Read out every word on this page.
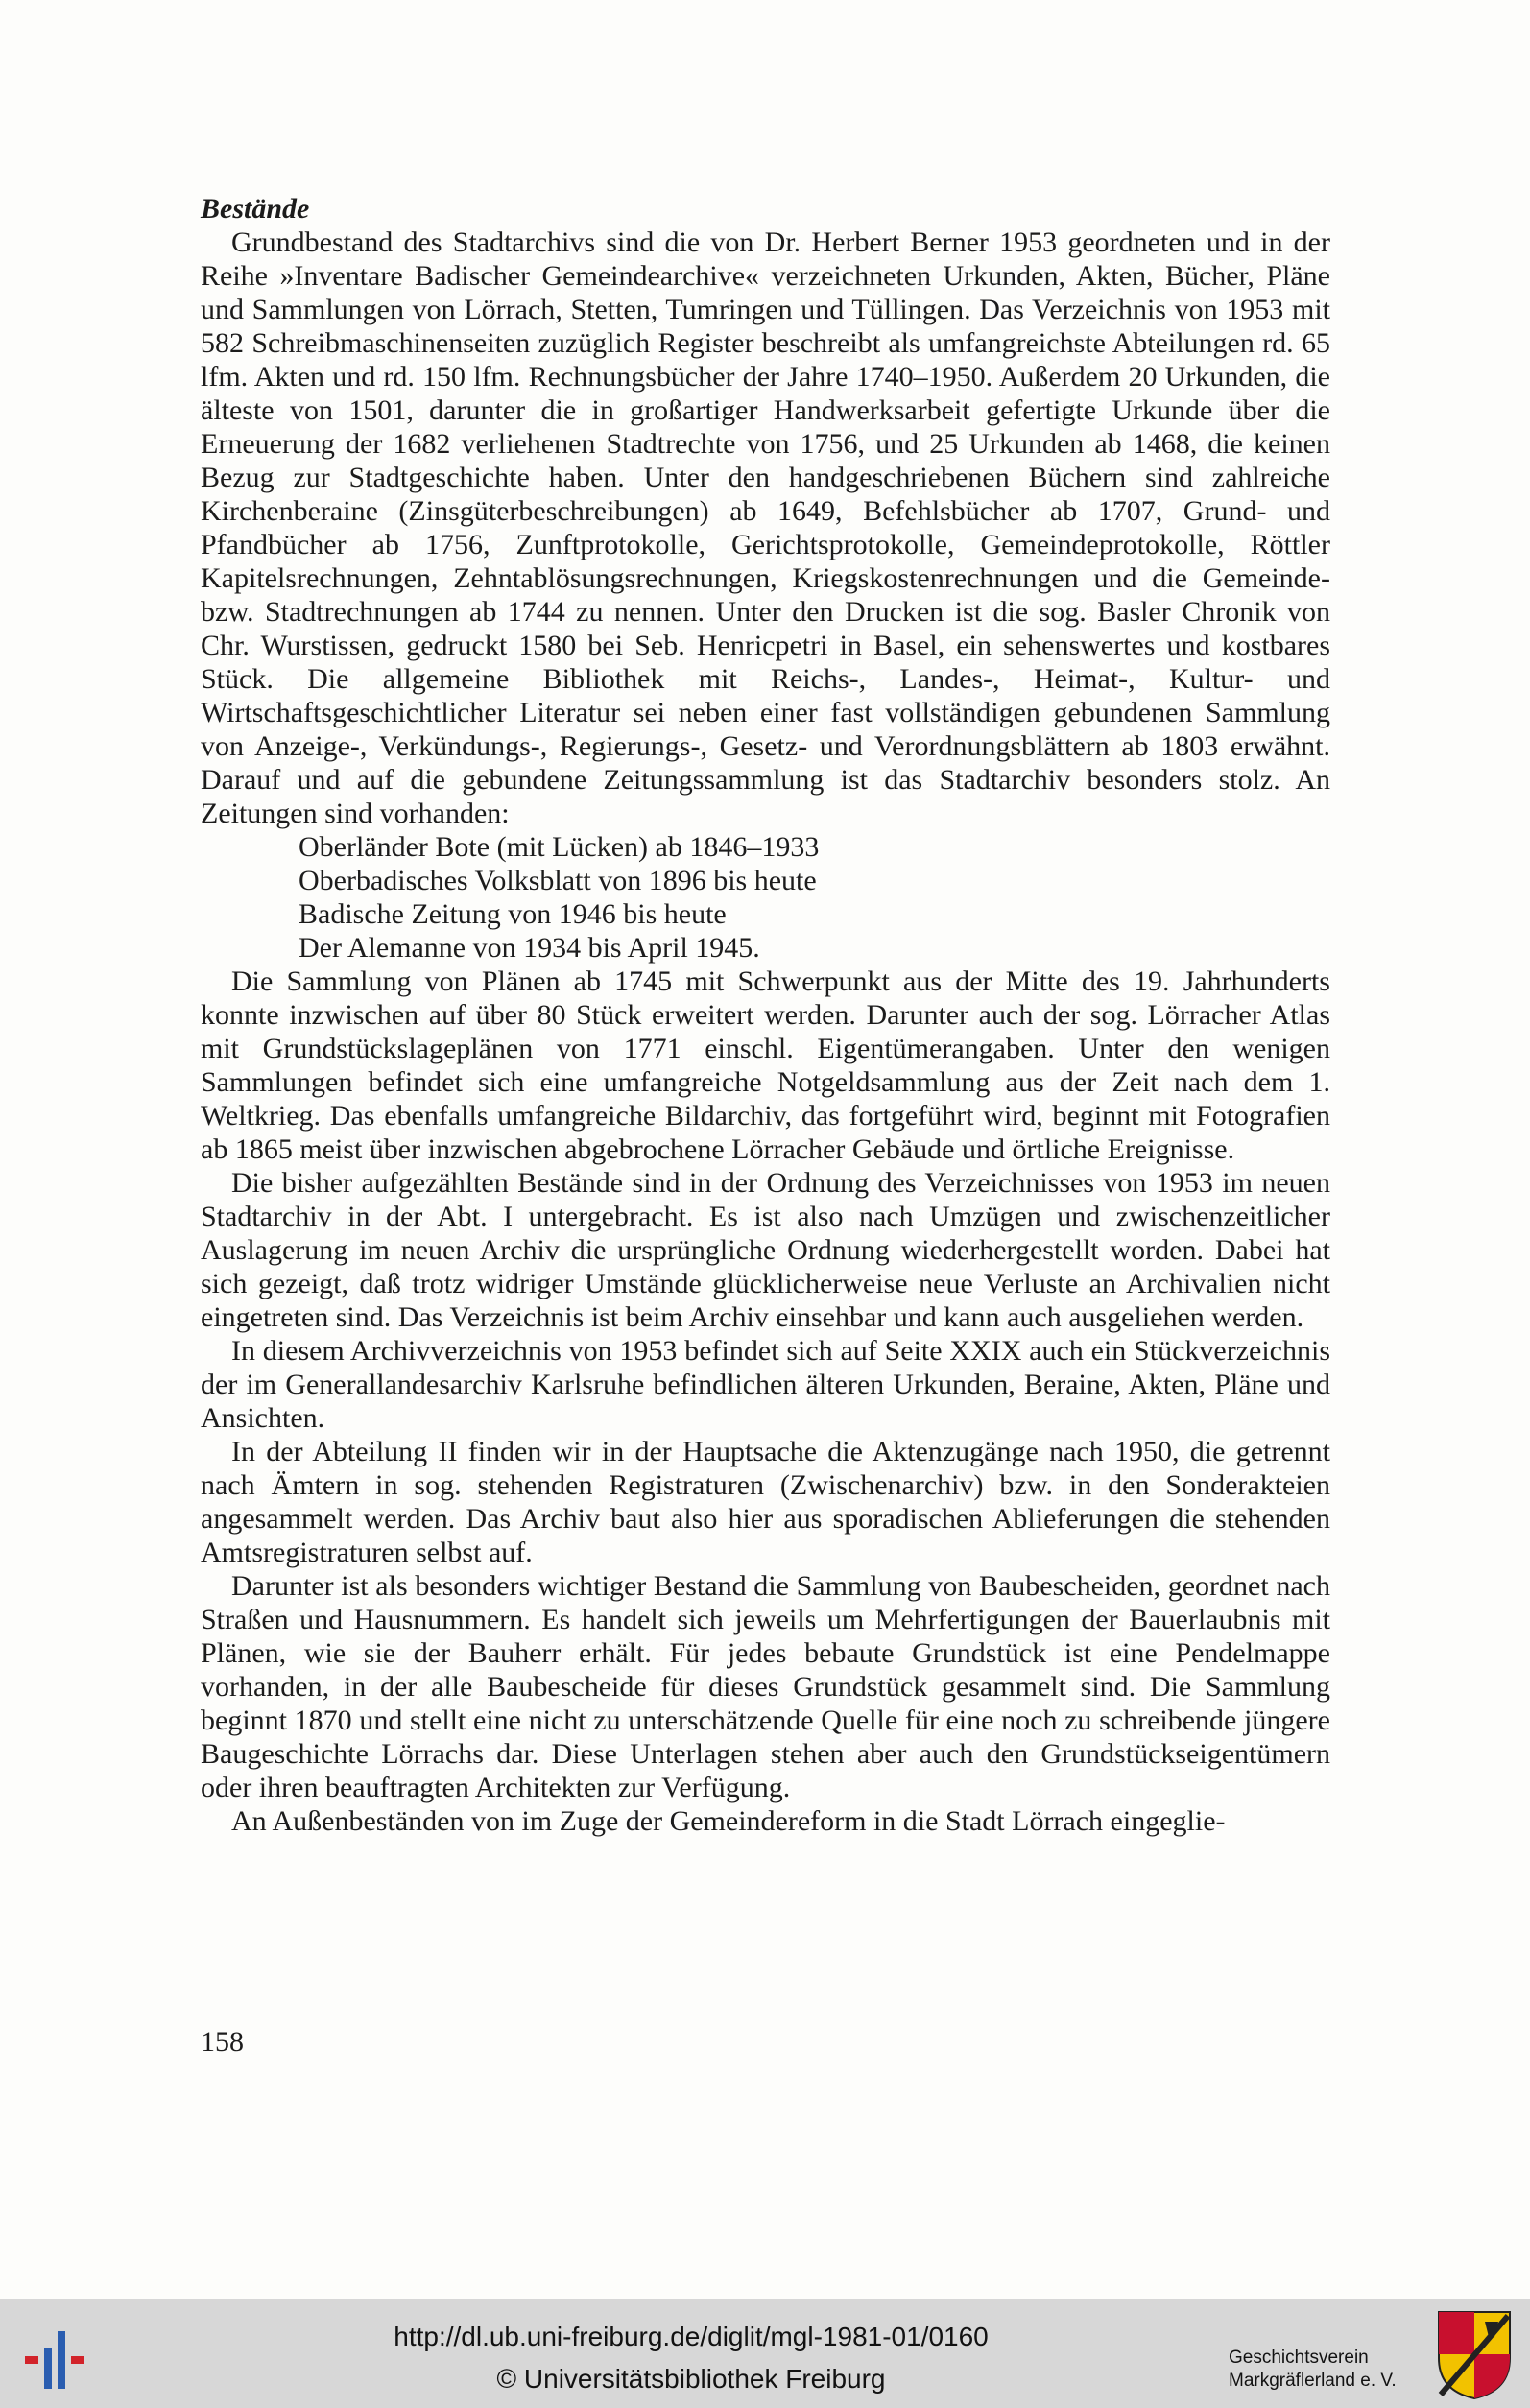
Bestände

Grundbestand des Stadtarchivs sind die von Dr. Herbert Berner 1953 geordneten und in der Reihe »Inventare Badischer Gemeindearchive« verzeichneten Urkunden, Akten, Bücher, Pläne und Sammlungen von Lörrach, Stetten, Tumringen und Tüllingen. Das Verzeichnis von 1953 mit 582 Schreibmaschinenseiten zuzüglich Register beschreibt als umfangreichste Abteilungen rd. 65 lfm. Akten und rd. 150 lfm. Rechnungsbücher der Jahre 1740–1950. Außerdem 20 Urkunden, die älteste von 1501, darunter die in großartiger Handwerksarbeit gefertigte Urkunde über die Erneuerung der 1682 verliehenen Stadtrechte von 1756, und 25 Urkunden ab 1468, die keinen Bezug zur Stadtgeschichte haben. Unter den handgeschriebenen Büchern sind zahlreiche Kirchenberaine (Zinsgüterbeschreibungen) ab 1649, Befehlsbücher ab 1707, Grund- und Pfandbücher ab 1756, Zunftprotokolle, Gerichtsprotokolle, Gemeindeprotokolle, Röttler Kapitelsrechnungen, Zehntablösungsrechnungen, Kriegskostenrechnungen und die Gemeinde- bzw. Stadtrechnungen ab 1744 zu nennen. Unter den Drucken ist die sog. Basler Chronik von Chr. Wurstissen, gedruckt 1580 bei Seb. Henricpetri in Basel, ein sehenswertes und kostbares Stück. Die allgemeine Bibliothek mit Reichs-, Landes-, Heimat-, Kultur- und Wirtschaftsgeschichtlicher Literatur sei neben einer fast vollständigen gebundenen Sammlung von Anzeige-, Verkündungs-, Regierungs-, Gesetz- und Verordnungsblättern ab 1803 erwähnt. Darauf und auf die gebundene Zeitungssammlung ist das Stadtarchiv besonders stolz. An Zeitungen sind vorhanden:

Oberländer Bote (mit Lücken) ab 1846–1933
Oberbadisches Volksblatt von 1896 bis heute
Badische Zeitung von 1946 bis heute
Der Alemanne von 1934 bis April 1945.

Die Sammlung von Plänen ab 1745 mit Schwerpunkt aus der Mitte des 19. Jahrhunderts konnte inzwischen auf über 80 Stück erweitert werden. Darunter auch der sog. Lörracher Atlas mit Grundstückslageplänen von 1771 einschl. Eigentümerangaben. Unter den wenigen Sammlungen befindet sich eine umfangreiche Notgeldsammlung aus der Zeit nach dem 1. Weltkrieg. Das ebenfalls umfangreiche Bildarchiv, das fortgeführt wird, beginnt mit Fotografien ab 1865 meist über inzwischen abgebrochene Lörracher Gebäude und örtliche Ereignisse.

Die bisher aufgezählten Bestände sind in der Ordnung des Verzeichnisses von 1953 im neuen Stadtarchiv in der Abt. I untergebracht. Es ist also nach Umzügen und zwischenzeitlicher Auslagerung im neuen Archiv die ursprüngliche Ordnung wiederhergestellt worden. Dabei hat sich gezeigt, daß trotz widriger Umstände glücklicherweise neue Verluste an Archivalien nicht eingetreten sind. Das Verzeichnis ist beim Archiv einsehbar und kann auch ausgeliehen werden.

In diesem Archivverzeichnis von 1953 befindet sich auf Seite XXIX auch ein Stückverzeichnis der im Generallandesarchiv Karlsruhe befindlichen älteren Urkunden, Beraine, Akten, Pläne und Ansichten.

In der Abteilung II finden wir in der Hauptsache die Aktenzugänge nach 1950, die getrennt nach Ämtern in sog. stehenden Registraturen (Zwischenarchiv) bzw. in den Sonderakteien angesammelt werden. Das Archiv baut also hier aus sporadischen Ablieferungen die stehenden Amtsregistraturen selbst auf.

Darunter ist als besonders wichtiger Bestand die Sammlung von Baubescheiden, geordnet nach Straßen und Hausnummern. Es handelt sich jeweils um Mehrfertigungen der Bauerlaubnis mit Plänen, wie sie der Bauherr erhält. Für jedes bebaute Grundstück ist eine Pendelmappe vorhanden, in der alle Baubescheide für dieses Grundstück gesammelt sind. Die Sammlung beginnt 1870 und stellt eine nicht zu unterschätzende Quelle für eine noch zu schreibende jüngere Baugeschichte Lörrachs dar. Diese Unterlagen stehen aber auch den Grundstückseigentümern oder ihren beauftragten Architekten zur Verfügung.

An Außenbeständen von im Zuge der Gemeindereform in die Stadt Lörrach eingeglie-

158
http://dl.ub.uni-freiburg.de/diglit/mgl-1981-01/0160
© Universitätsbibliothek Freiburg
Geschichtsverein
Markgräflerland e. V.
